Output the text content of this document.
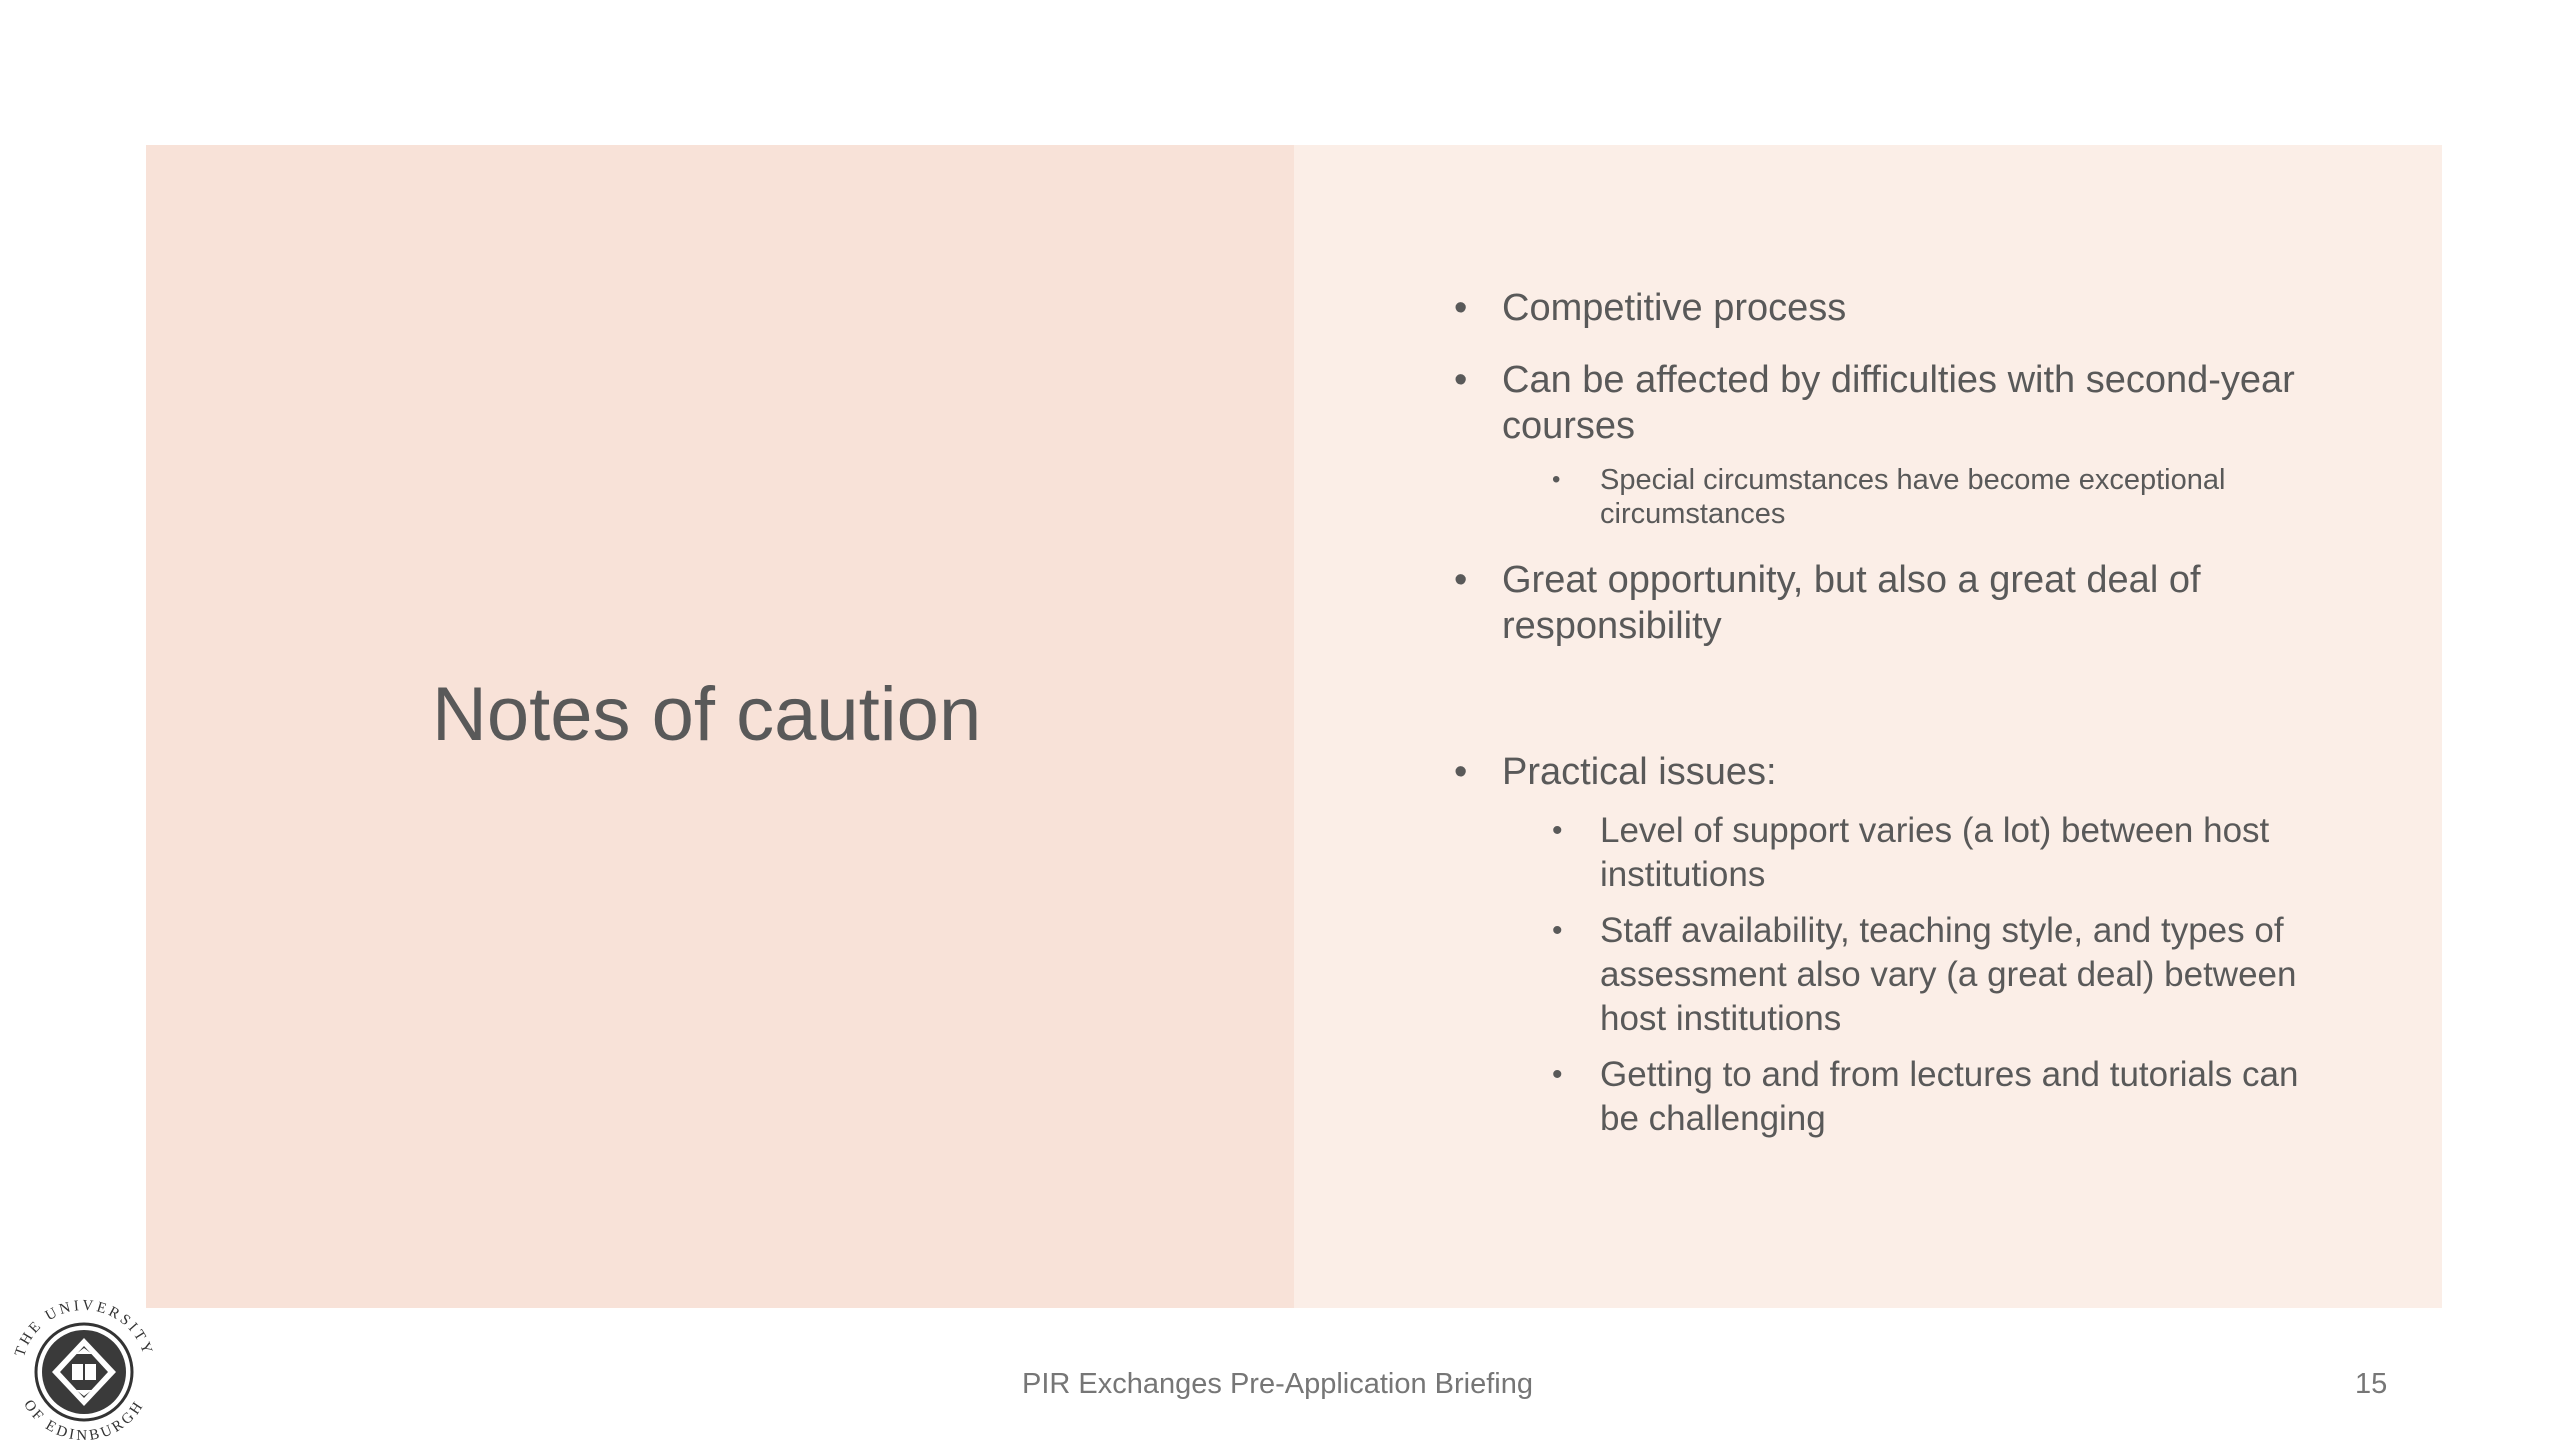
Notes of caution
• Competitive process
• Can be affected by difficulties with second-year courses
• Special circumstances have become exceptional circumstances
• Great opportunity, but also a great deal of responsibility
• Practical issues:
• Level of support varies (a lot) between host institutions
• Staff availability, teaching style, and types of assessment also vary (a great deal) between host institutions
• Getting to and from lectures and tutorials can be challenging
THE UNIVERSITY
OF EDINBURGH
PIR Exchanges Pre-Application Briefing	15
